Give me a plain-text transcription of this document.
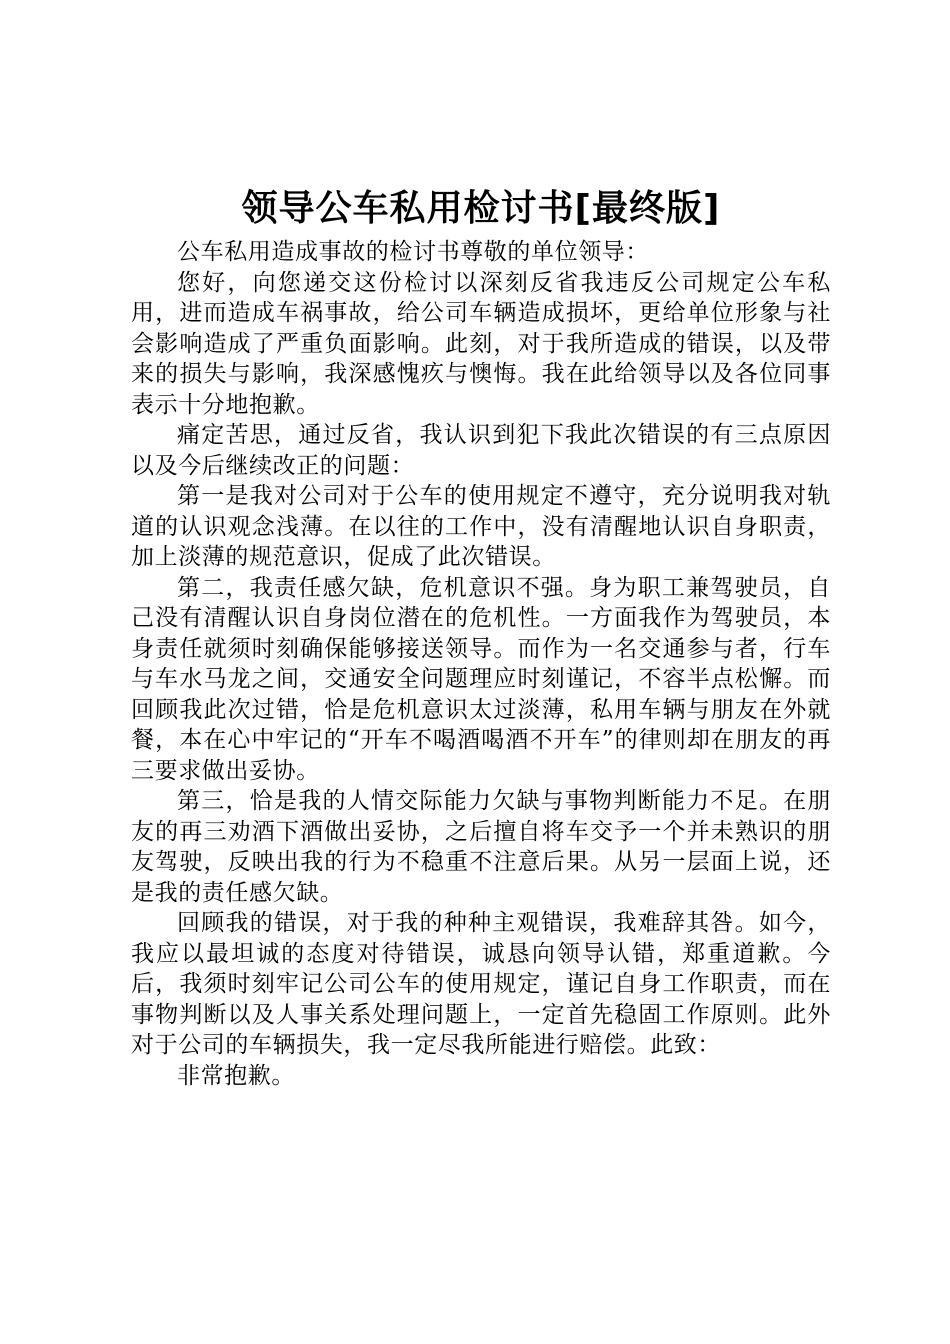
领导公车私用检讨书[最终版]

公车私用造成事故的检讨书尊敬的单位领导：

您好，向您递交这份检讨以深刻反省我违反公司规定公车私用，进而造成车祸事故，给公司车辆造成损坏，更给单位形象与社会影响造成了严重负面影响。此刻，对于我所造成的错误，以及带来的损失与影响，我深感愧疚与懊悔。我在此给领导以及各位同事表示十分地抱歉。

痛定苦思，通过反省，我认识到犯下我此次错误的有三点原因以及今后继续改正的问题：

第一是我对公司对于公车的使用规定不遵守，充分说明我对轨道的认识观念浅薄。在以往的工作中，没有清醒地认识自身职责，加上淡薄的规范意识，促成了此次错误。

第二，我责任感欠缺，危机意识不强。身为职工兼驾驶员，自己没有清醒认识自身岗位潜在的危机性。一方面我作为驾驶员，本身责任就须时刻确保能够接送领导。而作为一名交通参与者，行车与车水马龙之间，交通安全问题理应时刻谨记，不容半点松懈。而回顾我此次过错，恰是危机意识太过淡薄，私用车辆与朋友在外就餐，本在心中牢记的“开车不喝酒喝酒不开车”的律则却在朋友的再三要求做出妥协。

第三，恰是我的人情交际能力欠缺与事物判断能力不足。在朋友的再三劝酒下酒做出妥协，之后擅自将车交予一个并未熟识的朋友驾驶，反映出我的行为不稳重不注意后果。从另一层面上说，还是我的责任感欠缺。

回顾我的错误，对于我的种种主观错误，我难辞其咎。如今，我应以最坦诚的态度对待错误，诚恳向领导认错，郑重道歉。今后，我须时刻牢记公司公车的使用规定，谨记自身工作职责，而在事物判断以及人事关系处理问题上，一定首先稳固工作原则。此外对于公司的车辆损失，我一定尽我所能进行赔偿。此致：

非常抱歉。
